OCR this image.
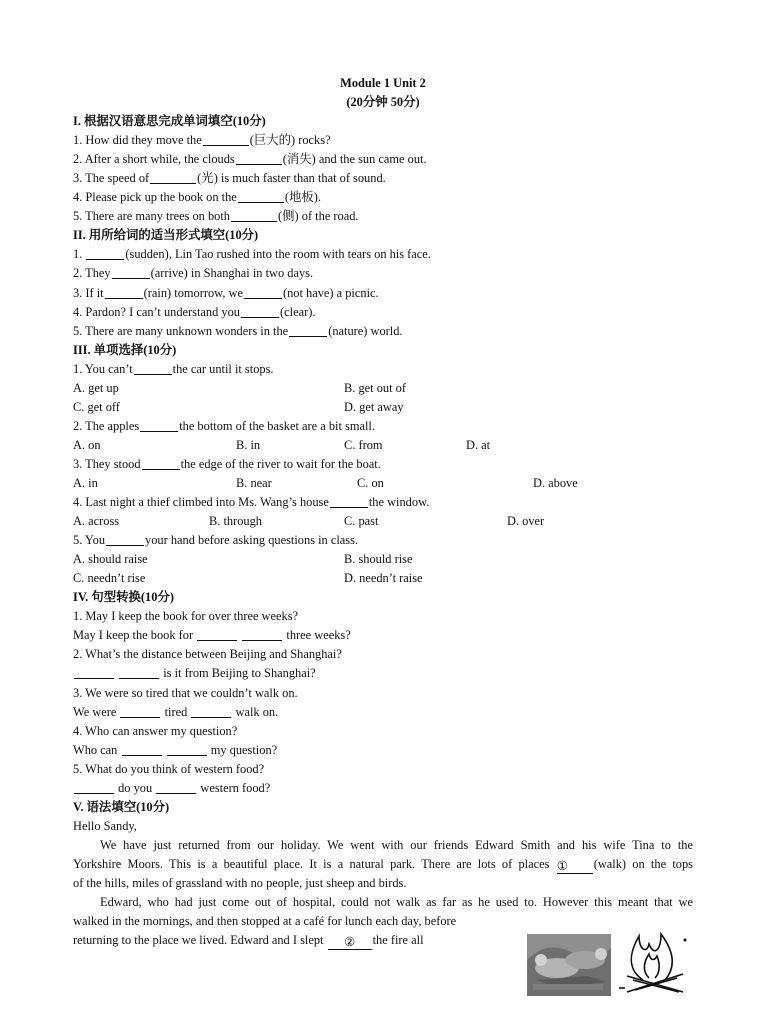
Module 1 Unit 2
(20分钟 50分)
I. 根据汉语意思完成单词填空(10分)
1. How did they move the	(巨大的) rocks?
2. After a short while, the clouds	(消失) and the sun came out.
3. The speed of	(光) is much faster than that of sound.
4. Please pick up the book on the	(地板).
5. There are many trees on both	(侧) of the road.
II. 用所给词的适当形式填空(10分)
1.	(sudden), Lin Tao rushed into the room with tears on his face.
2. They	(arrive) in Shanghai in two days.
3. If it	(rain) tomorrow, we	(not have) a picnic.
4. Pardon? I can’t understand you	(clear).
5. There are many unknown wonders in the	(nature) world.
III. 单项选择(10分)
1. You can’t	the car until it stops.
A. get up	B. get out of
C. get off	D. get away
2. The apples	the bottom of the basket are a bit small.
A. on	B. in	C. from	D. at
3. They stood	the edge of the river to wait for the boat.
A. in	B. near	C. on	D. above
4. Last night a thief climbed into Ms. Wang’s house	the window.
A. across	B. through	C. past	D. over
5. You	your hand before asking questions in class.
A. should raise	B. should rise
C. needn’t rise	D. needn’t raise
IV. 句型转换(10分)
1. May I keep the book for over three weeks?
May I keep the book for	three weeks?
2. What’s the distance between Beijing and Shanghai?
is it from Beijing to Shanghai?
3. We were so tired that we couldn’t walk on.
We were	tired	walk on.
4. Who can answer my question?
Who can	my question?
5. What do you think of western food?
do you	western food?
V. 语法填空(10分)
Hello Sandy,
We have just returned from our holiday. We went with our friends Edward Smith and his wife Tina to the
Yorkshire Moors. This is a beautiful place. It is a natural park. There are lots of places ① (walk) on the tops
of the hills, miles of grassland with no people, just sheep and birds.
Edward, who had just come out of hospital, could not walk as far as he used to. However this meant that we
walked in the mornings, and then stopped at a café for lunch each day, before
returning to the place we lived. Edward and I slept ② the fire all
